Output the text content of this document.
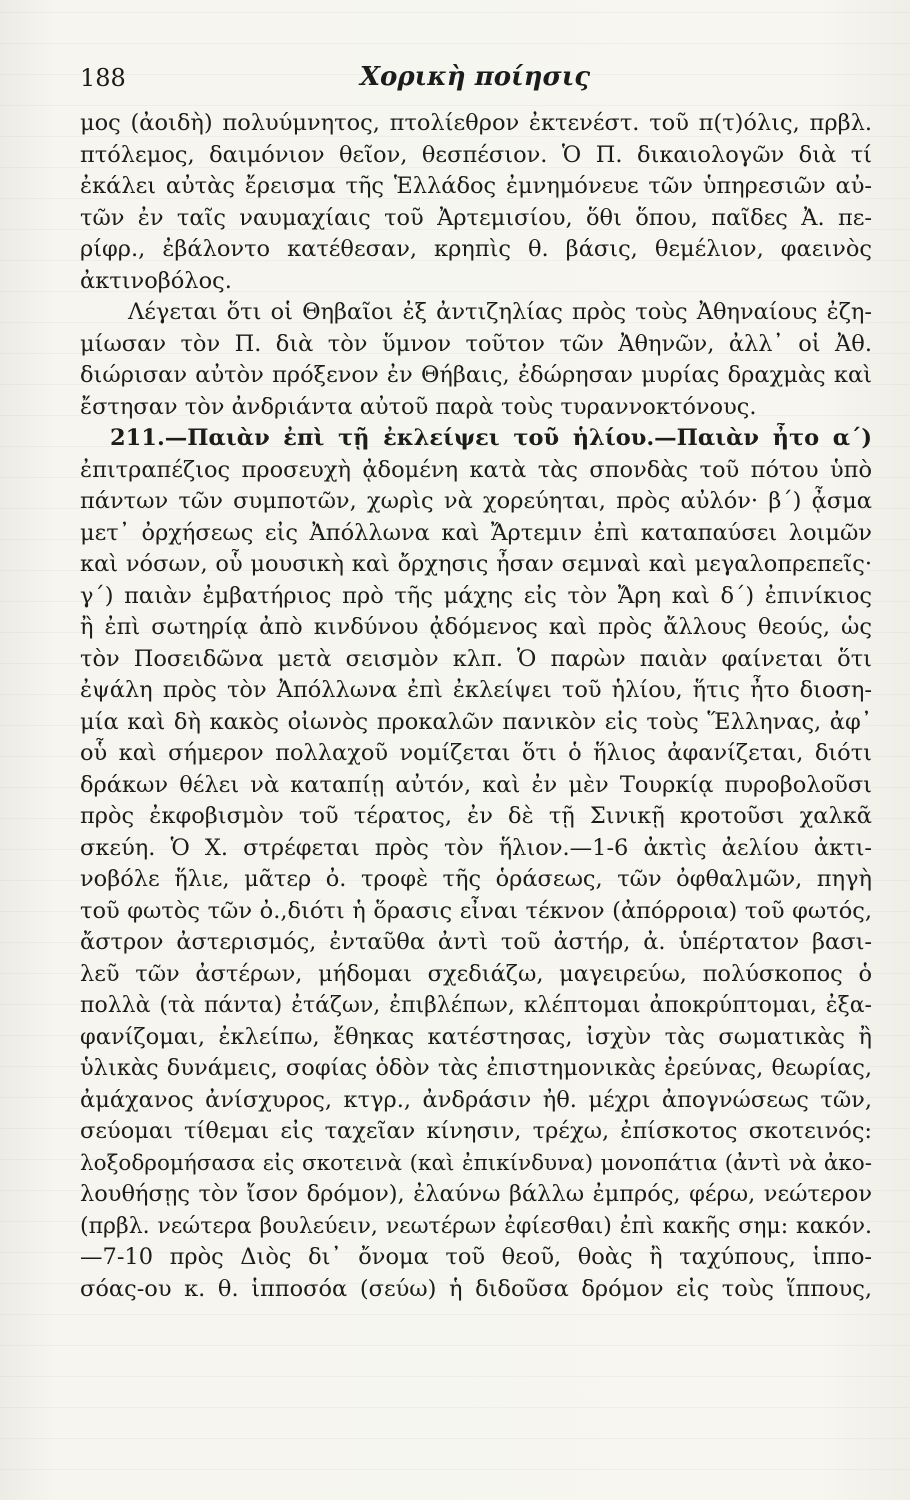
188	Χορικὴ ποίησις
μος (ἀοιδὴ) πολυύμνητος, πτολίεθρον ἐκτενέστ. τοῦ π(τ)όλις, πρβλ.
πτόλεμος, δαιμόνιον θεῖον, θεσπέσιον. Ὁ Π. δικαιολογῶν διὰ τί
ἐκάλει αὐτὰς ἔρεισμα τῆς Ἑλλάδος ἐμνημόνευε τῶν ὑπηρεσιῶν αὐ-
τῶν ἐν ταῖς ναυμαχίαις τοῦ Ἀρτεμισίου, ὅθι ὅπου, παῖδες Ἀ. πε-
ρίφρ., ἐβάλοντο κατέθεσαν, κρηπὶς θ. βάσις, θεμέλιον, φαεινὸς
ἀκτινοβόλος.
Λέγεται ὅτι οἱ Θηβαῖοι ἐξ ἀντιζηλίας πρὸς τοὺς Ἀθηναίους ἐζη-
μίωσαν τὸν Π. διὰ τὸν ὕμνον τοῦτον τῶν Ἀθηνῶν, ἀλλ᾿ οἱ Ἀθ.
διώρισαν αὐτὸν πρόξενον ἐν Θήβαις, ἐδώρησαν μυρίας δραχμὰς καὶ
ἔστησαν τὸν ἀνδριάντα αὐτοῦ παρὰ τοὺς τυραννοκτόνους.
211.—Παιὰν ἐπὶ τῇ ἐκλείψει τοῦ ἡλίου.—Παιὰν ἦτο α΄)
ἐπιτραπέζιος προσευχὴ ᾀδομένη κατὰ τὰς σπονδὰς τοῦ πότου ὑπὸ
πάντων τῶν συμποτῶν, χωρὶς νὰ χορεύηται, πρὸς αὐλόν· β΄) ᾆσμα
μετ᾿ ὀρχήσεως εἰς Ἀπόλλωνα καὶ Ἄρτεμιν ἐπὶ καταπαύσει λοιμῶν
καὶ νόσων, οὗ μουσικὴ καὶ ὄρχησις ἦσαν σεμναὶ καὶ μεγαλοπρεπεῖς·
γ΄) παιὰν ἐμβατήριος πρὸ τῆς μάχης εἰς τὸν Ἄρη καὶ δ΄) ἐπινίκιος
ἢ ἐπὶ σωτηρίᾳ ἀπὸ κινδύνου ᾀδόμενος καὶ πρὸς ἄλλους θεούς, ὡς
τὸν Ποσειδῶνα μετὰ σεισμὸν κλπ. Ὁ παρὼν παιὰν φαίνεται ὅτι
ἐψάλη πρὸς τὸν Ἀπόλλωνα ἐπὶ ἐκλείψει τοῦ ἡλίου, ἥτις ἦτο διοση-
μία καὶ δὴ κακὸς οἰωνὸς προκαλῶν πανικὸν εἰς τοὺς Ἕλληνας, ἀφ᾿
οὗ καὶ σήμερον πολλαχοῦ νομίζεται ὅτι ὁ ἥλιος ἀφανίζεται, διότι
δράκων θέλει νὰ καταπίῃ αὐτόν, καὶ ἐν μὲν Τουρκίᾳ πυροβολοῦσι
πρὸς ἐκφοβισμὸν τοῦ τέρατος, ἐν δὲ τῇ Σινικῇ κροτοῦσι χαλκᾶ
σκεύη. Ὁ Χ. στρέφεται πρὸς τὸν ἥλιον.—1-6 ἀκτὶς ἀελίου ἀκτι-
νοβόλε ἥλιε, μᾶτερ ὀ. τροφὲ τῆς ὁράσεως, τῶν ὀφθαλμῶν, πηγὴ
τοῦ φωτὸς τῶν ὀ.,διότι ἡ ὅρασις εἶναι τέκνον (ἀπόρροια) τοῦ φωτός,
ἄστρον ἀστερισμός, ἐνταῦθα ἀντὶ τοῦ ἀστήρ, ἀ. ὑπέρτατον βασι-
λεῦ τῶν ἀστέρων, μήδομαι σχεδιάζω, μαγειρεύω, πολύσκοπος ὁ
πολλὰ (τὰ πάντα) ἐτάζων, ἐπιβλέπων, κλέπτομαι ἀποκρύπτομαι, ἐξα-
φανίζομαι, ἐκλείπω, ἔθηκας κατέστησας, ἰσχὺν τὰς σωματικὰς ἢ
ὑλικὰς δυνάμεις, σοφίας ὁδὸν τὰς ἐπιστημονικὰς ἐρεύνας, θεωρίας,
ἀμάχανος ἀνίσχυρος, κτγρ., ἀνδράσιν ἠθ. μέχρι ἀπογνώσεως τῶν,
σεύομαι τίθεμαι εἰς ταχεῖαν κίνησιν, τρέχω, ἐπίσκοτος σκοτεινός:
λοξοδρομήσασα εἰς σκοτεινὰ (καὶ ἐπικίνδυνα) μονοπάτια (ἀντὶ νὰ ἀκο-
λουθήσῃς τὸν ἴσον δρόμον), ἐλαύνω βάλλω ἐμπρός, φέρω, νεώτερον
(πρβλ. νεώτερα βουλεύειν, νεωτέρων ἐφίεσθαι) ἐπὶ κακῆς σημ: κακόν.
—7-10 πρὸς Διὸς δι᾿ ὄνομα τοῦ θεοῦ, θοὰς ἢ ταχύπους, ἱππο-
σόας-ου κ. θ. ἱπποσόα (σεύω) ἡ διδοῦσα δρόμον εἰς τοὺς ἵππους,
